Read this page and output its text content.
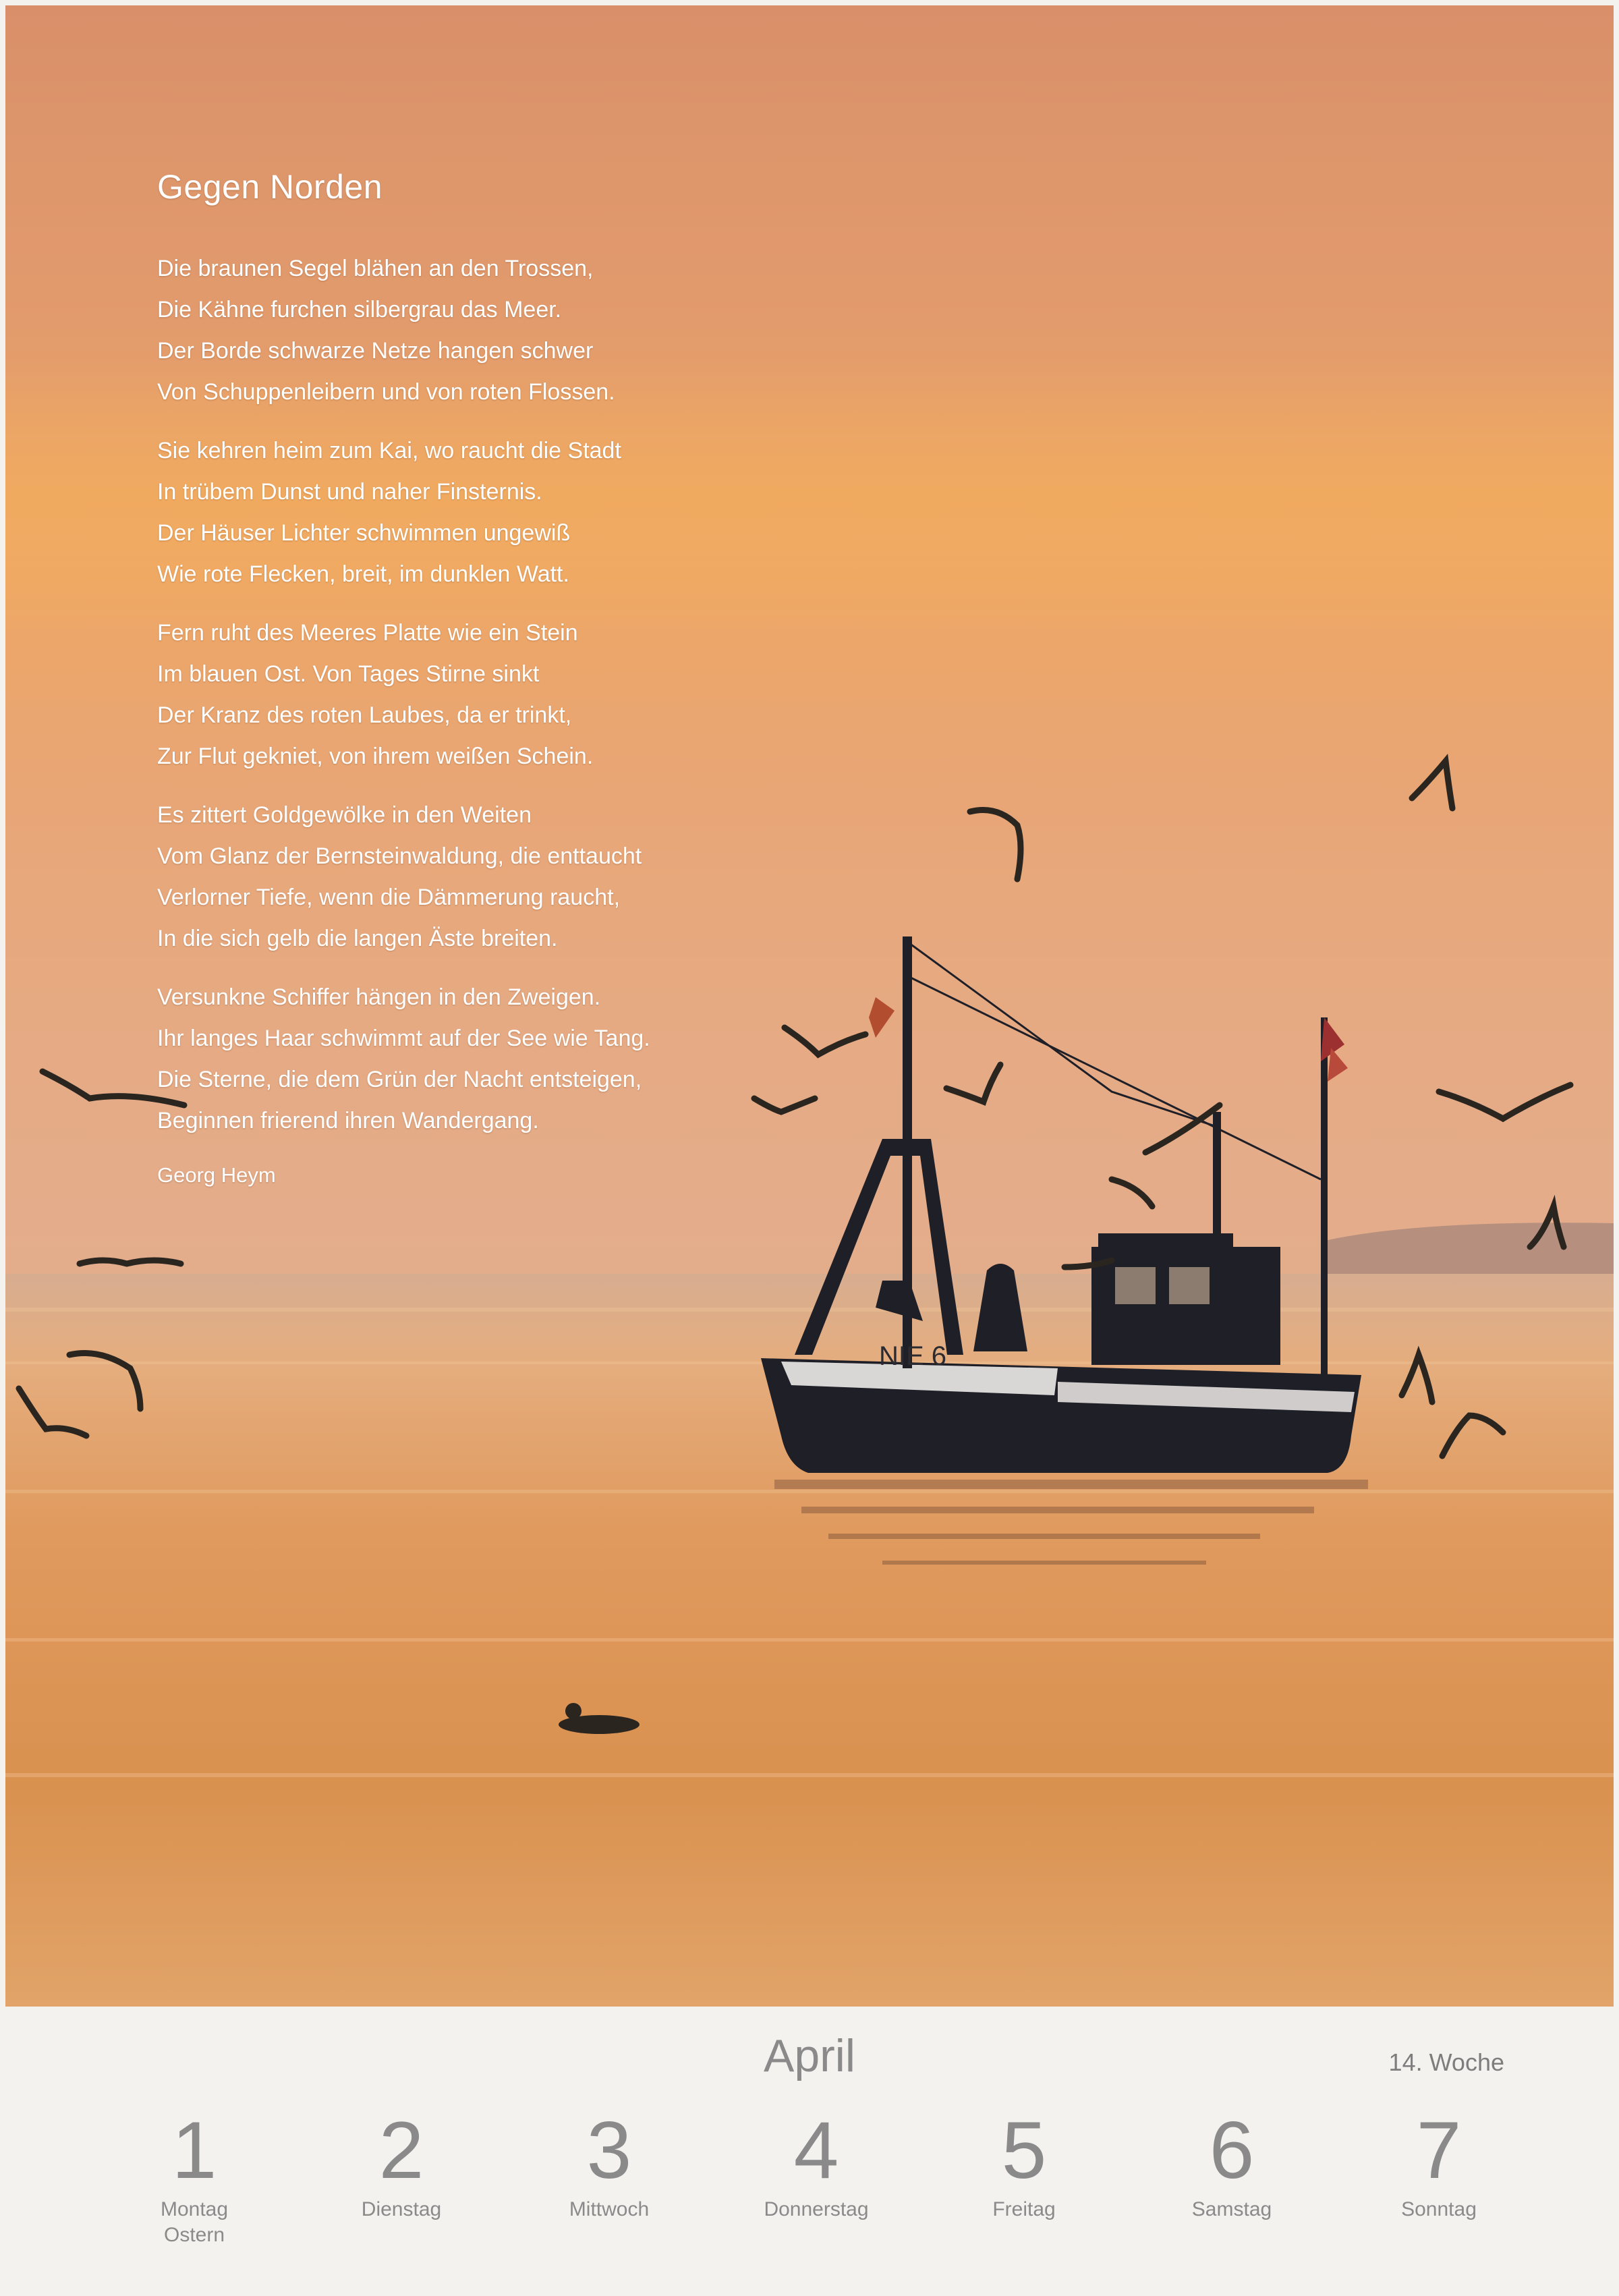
NIE 6
Gegen Norden
Die braunen Segel blähen an den Trossen,
Die Kähne furchen silbergrau das Meer.
Der Borde schwarze Netze hangen schwer
Von Schuppenleibern und von roten Flossen.
Sie kehren heim zum Kai, wo raucht die Stadt
In trübem Dunst und naher Finsternis.
Der Häuser Lichter schwimmen ungewiß
Wie rote Flecken, breit, im dunklen Watt.
Fern ruht des Meeres Platte wie ein Stein
Im blauen Ost. Von Tages Stirne sinkt
Der Kranz des roten Laubes, da er trinkt,
Zur Flut gekniet, von ihrem weißen Schein.
Es zittert Goldgewölke in den Weiten
Vom Glanz der Bernsteinwaldung, die enttaucht
Verlorner Tiefe, wenn die Dämmerung raucht,
In die sich gelb die langen Äste breiten.
Versunkne Schiffer hängen in den Zweigen.
Ihr langes Haar schwimmt auf der See wie Tang.
Die Sterne, die dem Grün der Nacht entsteigen,
Beginnen frierend ihren Wandergang.
Georg Heym
April	14. Woche
1
Montag
Ostern
2
Dienstag
3
Mittwoch
4
Donnerstag
5
Freitag
6
Samstag
7
Sonntag
